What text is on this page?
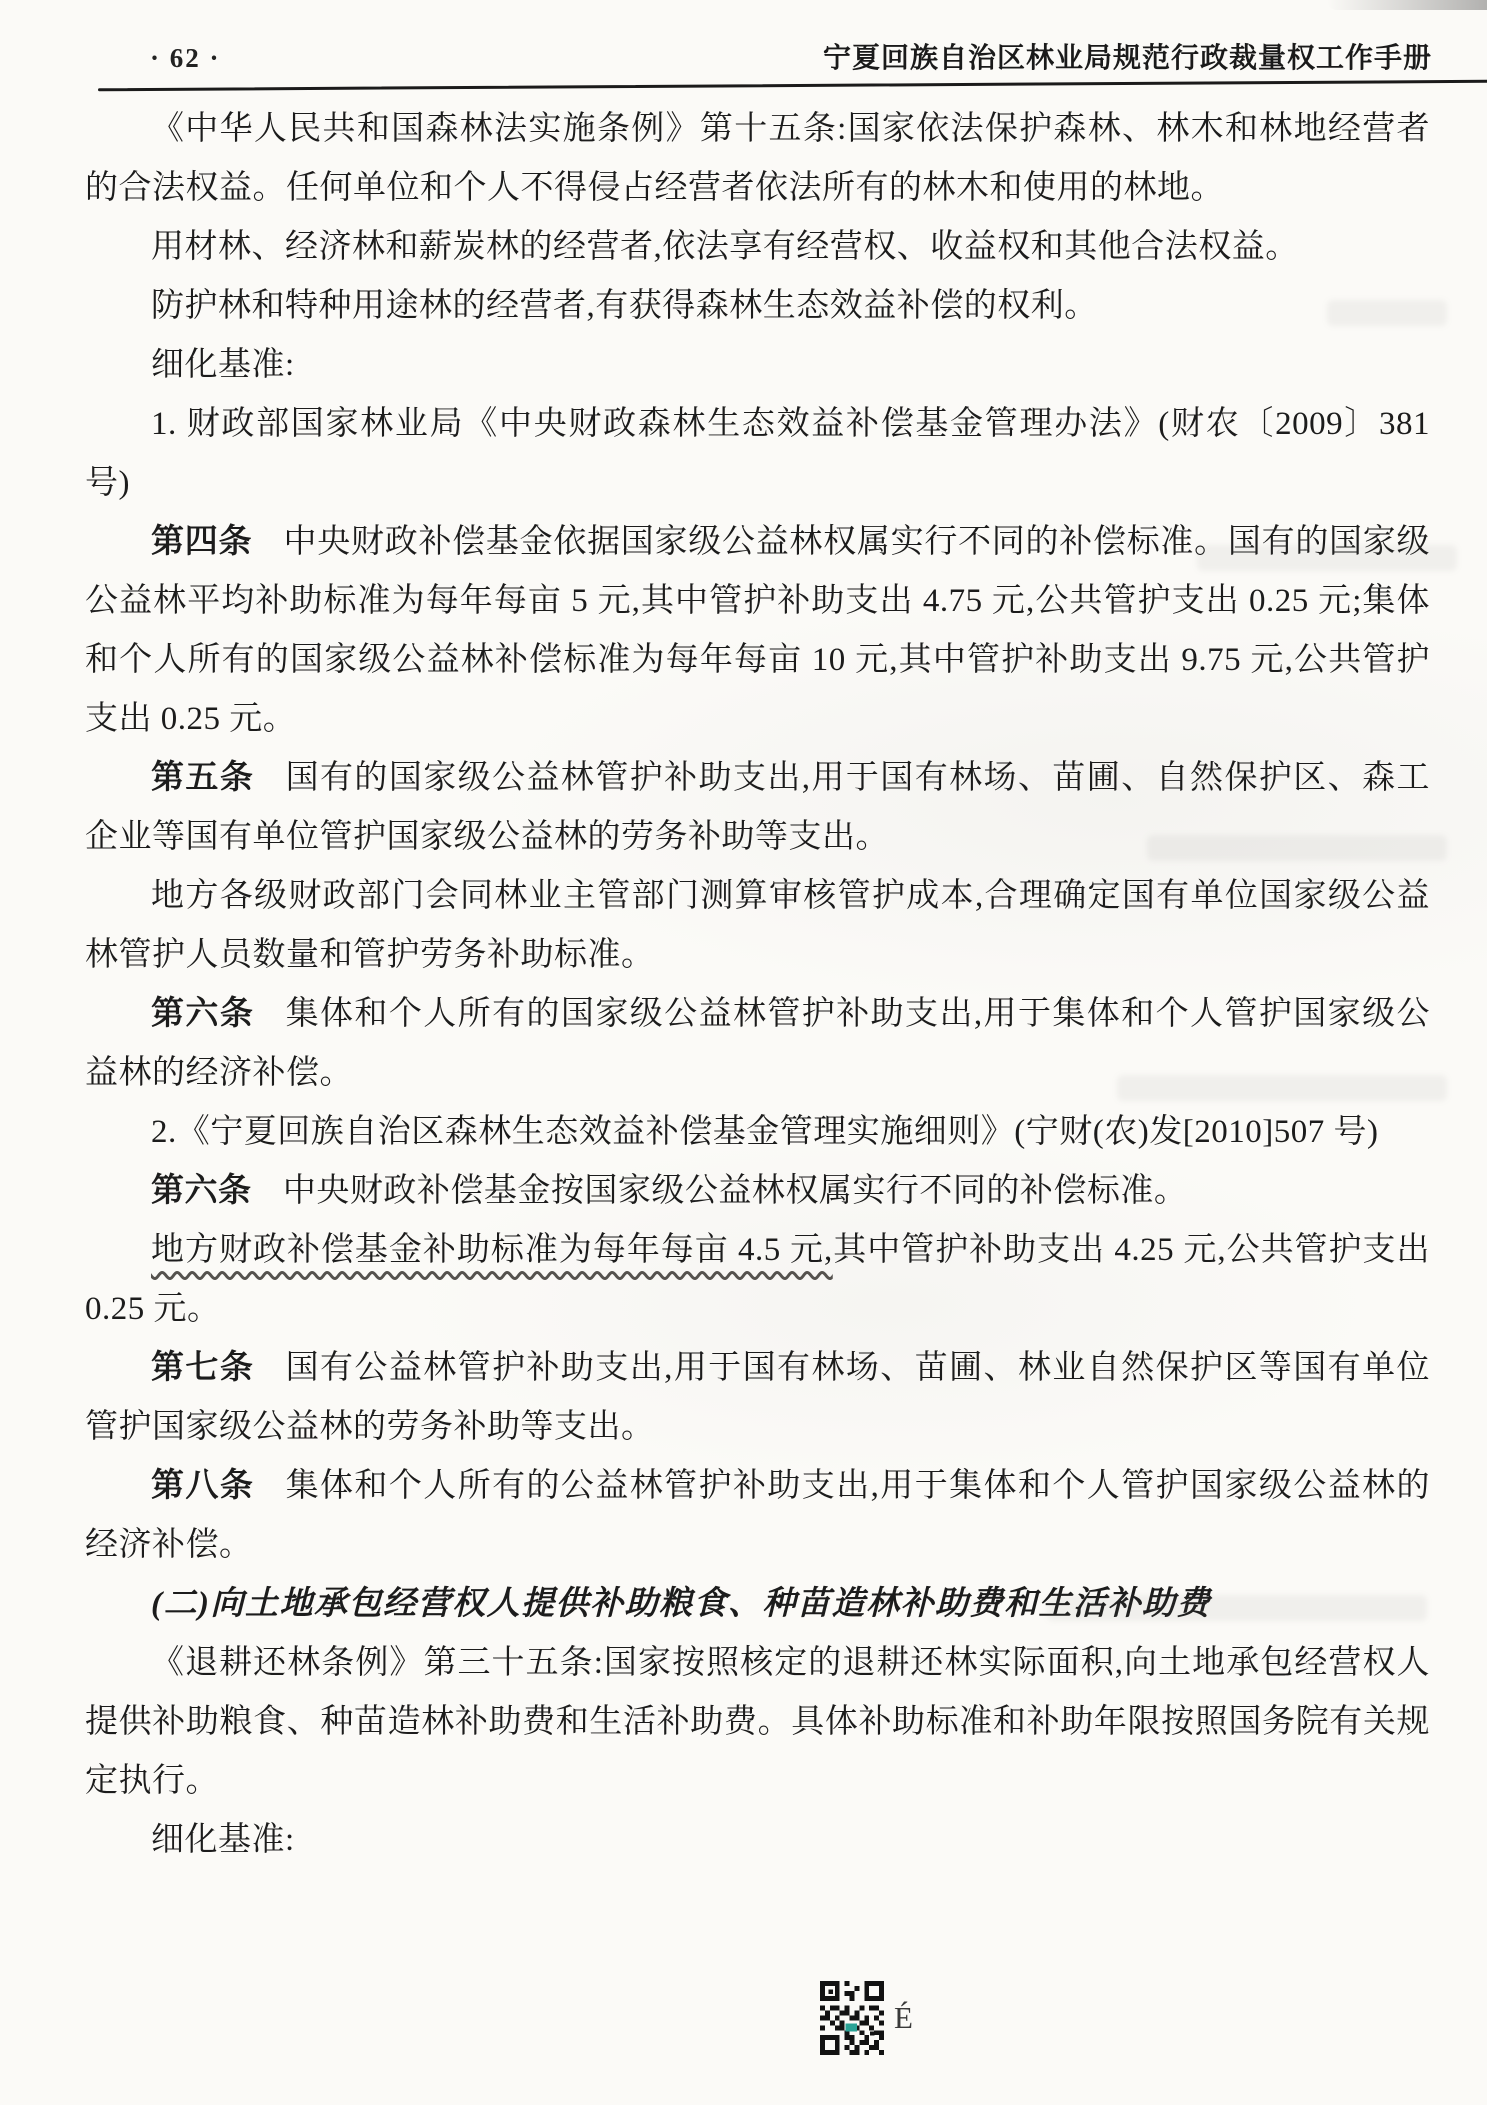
· 62 ·	宁夏回族自治区林业局规范行政裁量权工作手册

《中华人民共和国森林法实施条例》第十五条:国家依法保护森林、林木和林地经营者的合法权益。任何单位和个人不得侵占经营者依法所有的林木和使用的林地。

用材林、经济林和薪炭林的经营者,依法享有经营权、收益权和其他合法权益。

防护林和特种用途林的经营者,有获得森林生态效益补偿的权利。

细化基准:

1. 财政部国家林业局《中央财政森林生态效益补偿基金管理办法》(财农〔2009〕381 号)

第四条 中央财政补偿基金依据国家级公益林权属实行不同的补偿标准。国有的国家级公益林平均补助标准为每年每亩 5 元,其中管护补助支出 4.75 元,公共管护支出 0.25 元;集体和个人所有的国家级公益林补偿标准为每年每亩 10 元,其中管护补助支出 9.75 元,公共管护支出 0.25 元。

第五条 国有的国家级公益林管护补助支出,用于国有林场、苗圃、自然保护区、森工企业等国有单位管护国家级公益林的劳务补助等支出。

地方各级财政部门会同林业主管部门测算审核管护成本,合理确定国有单位国家级公益林管护人员数量和管护劳务补助标准。

第六条 集体和个人所有的国家级公益林管护补助支出,用于集体和个人管护国家级公益林的经济补偿。

2.《宁夏回族自治区森林生态效益补偿基金管理实施细则》(宁财(农)发[2010]507 号)

第六条 中央财政补偿基金按国家级公益林权属实行不同的补偿标准。

地方财政补偿基金补助标准为每年每亩 4.5 元,其中管护补助支出 4.25 元,公共管护支出 0.25 元。

第七条 国有公益林管护补助支出,用于国有林场、苗圃、林业自然保护区等国有单位管护国家级公益林的劳务补助等支出。

第八条 集体和个人所有的公益林管护补助支出,用于集体和个人管护国家级公益林的经济补偿。

(二)向土地承包经营权人提供补助粮食、种苗造林补助费和生活补助费

《退耕还林条例》第三十五条:国家按照核定的退耕还林实际面积,向土地承包经营权人提供补助粮食、种苗造林补助费和生活补助费。具体补助标准和补助年限按照国务院有关规定执行。

细化基准:

É
